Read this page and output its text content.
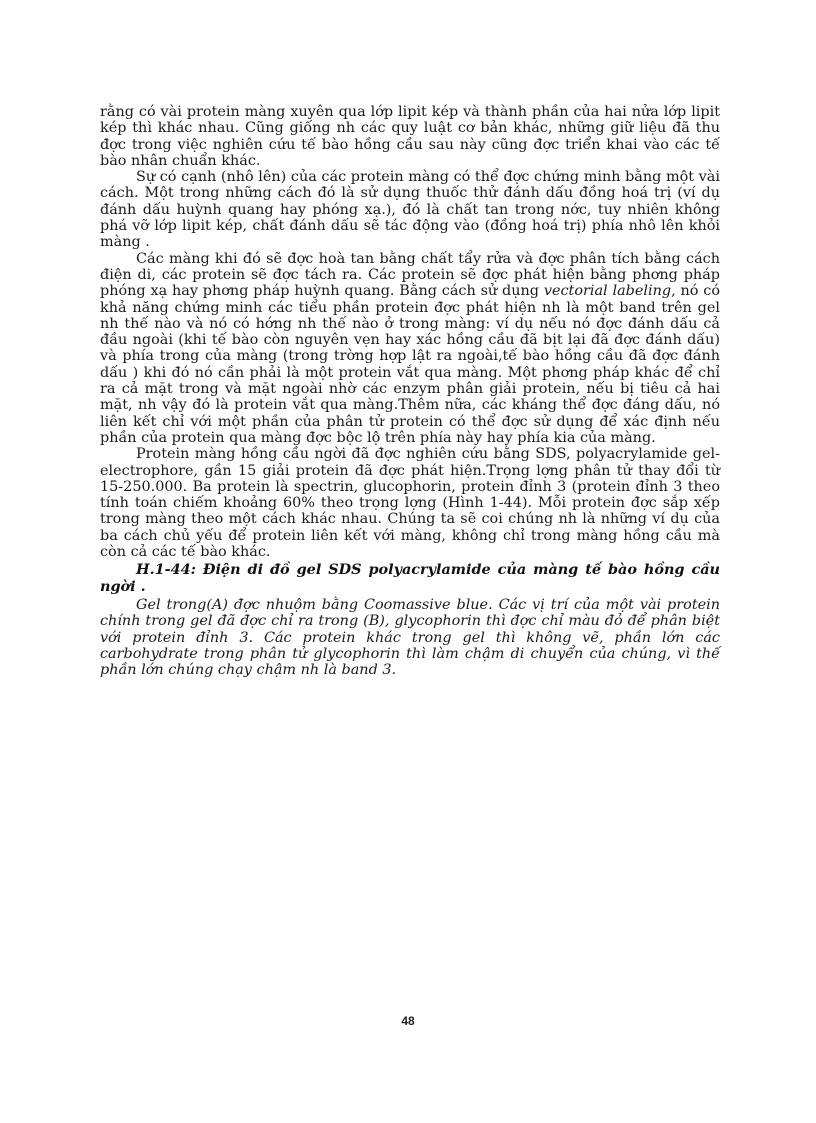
rằng có vài protein màng xuyên qua lớp lipit kép và thành phần của hai nửa lớp lipit kép thì khác nhau. Cũng giống nh các quy luật cơ bản khác, những giữ liệu đã thu đợc trong việc nghiên cứu tế bào hồng cầu sau này cũng đợc triển khai vào các tế bào nhân chuẩn khác.

Sự có cạnh (nhô lên) của các protein màng có thể đợc chứng minh bằng một vài cách. Một trong những cách đó là sử dụng thuốc thử đánh dấu đồng hoá trị (ví dụ đánh dấu huỳnh quang hay phóng xạ.), đó là chất tan trong nớc, tuy nhiên không phá vỡ lớp lipit kép, chất đánh dấu sẽ tác động vào (đồng hoá trị) phía nhô lên khỏi màng .

Các màng khi đó sẽ đợc hoà tan bằng chất tẩy rửa và đợc phân tích bằng cách điện di, các protein sẽ đợc tách ra. Các protein sẽ đợc phát hiện bằng phơng pháp phóng xạ hay phơng pháp huỳnh quang. Bằng cách sử dụng vectorial labeling, nó có khả năng chứng minh các tiểu phần protein đợc phát hiện nh là một band trên gel nh thế nào và nó có hớng nh thế nào ở trong màng: ví dụ nếu nó đợc đánh dấu cả đầu ngoài (khi tế bào còn nguyên vẹn hay xác hồng cầu đã bịt lại đã đợc đánh dấu) và phía trong của màng (trong trờng hợp lật ra ngoài,tế bào hồng cầu đã đợc đánh dấu ) khi đó nó cần phải là một protein vắt qua màng. Một phơng pháp khác để chỉ ra cả mặt trong và mặt ngoài nhờ các enzym phân giải protein, nếu bị tiêu cả hai mặt, nh vậy đó là protein vắt qua màng.Thêm nữa, các kháng thể đợc đáng dấu, nó liên kết chỉ với một phần của phân tử protein có thể đợc sử dụng để xác định nếu phần của protein qua màng đợc bộc lộ trên phía này hay phía kia của màng.

Protein màng hồng cầu ngời đã đợc nghiên cứu bằng SDS, polyacrylamide gel-electrophore, gần 15 giải protein đã đợc phát hiện.Trọng lợng phân tử thay đổi từ 15-250.000. Ba protein là spectrin, glucophorin, protein đỉnh 3 (protein đỉnh 3 theo tính toán chiếm khoảng 60% theo trọng lợng (Hình 1-44). Mỗi protein đợc sắp xếp trong màng theo một cách khác nhau. Chúng ta sẽ coi chúng nh là những ví dụ của ba cách chủ yếu để protein liên kết với màng, không chỉ trong màng hồng cầu mà còn cả các tế bào khác.

H.1-44: Điện di đồ gel SDS polyacrylamide của màng tế bào hồng cầu ngời .

Gel trong(A) đợc nhuộm bằng Coomassive blue. Các vị trí của một vài protein chính trong gel đã đợc chỉ ra trong (B), glycophorin thì đợc chỉ màu đỏ để phân biệt với protein đỉnh 3. Các protein khác trong gel thì không vẽ, phần lớn các carbohydrate trong phân tử glycophorin thì làm chậm di chuyển của chúng, vì thế phần lớn chúng chạy chậm nh là band 3.

48
